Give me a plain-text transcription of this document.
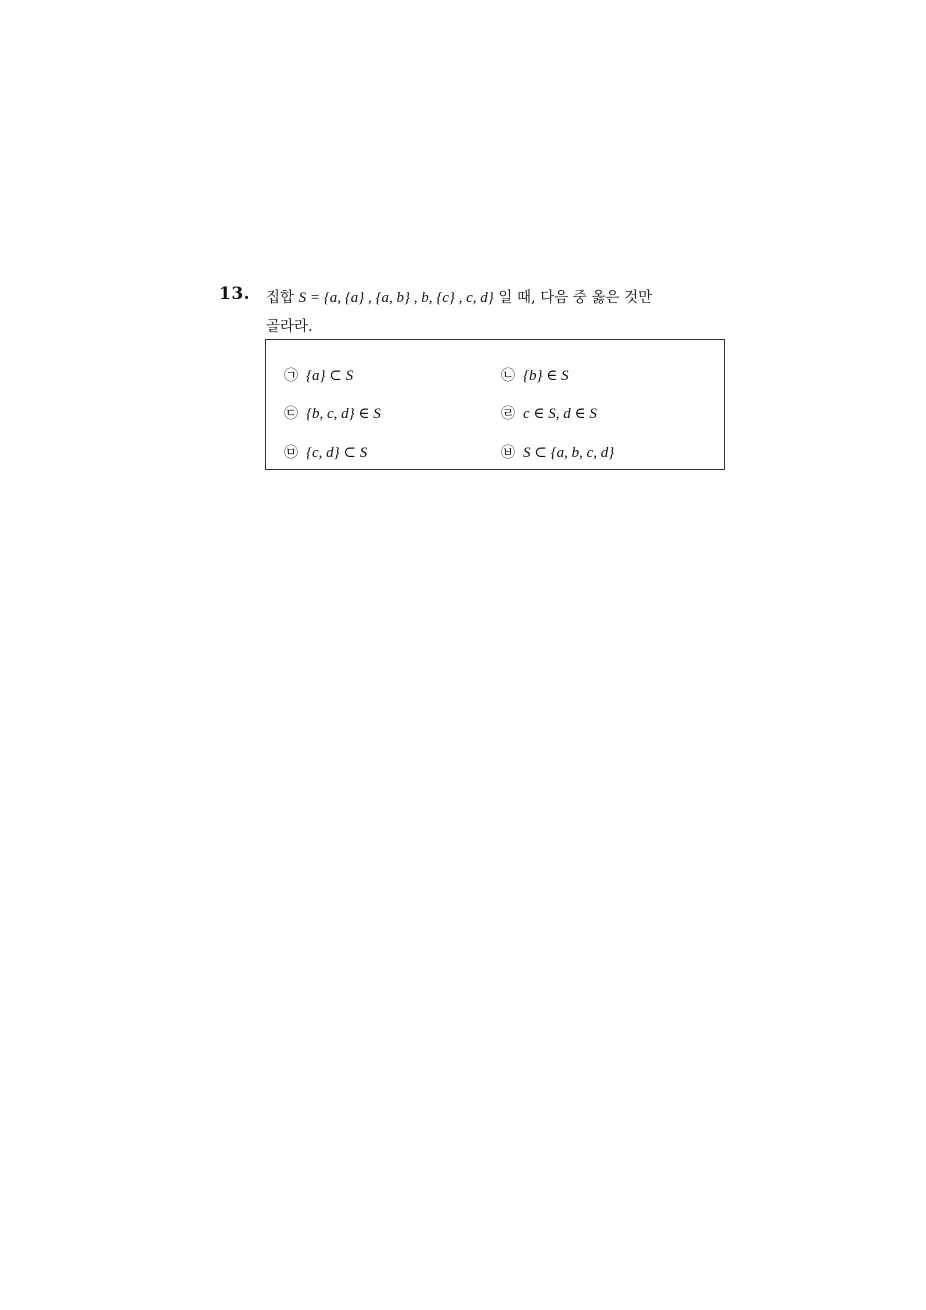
13. 집합 S = {a, {a} , {a, b} , b, {c} , c, d} 일 때, 다음 중 옳은 것만
골라라.
㉠ {a} ⊂ S	㉡ {b} ∈ S
㉢ {b, c, d} ∈ S	㉣ c ∈ S, d ∈ S
㉤ {c, d} ⊂ S	㉥ S ⊂ {a, b, c, d}
